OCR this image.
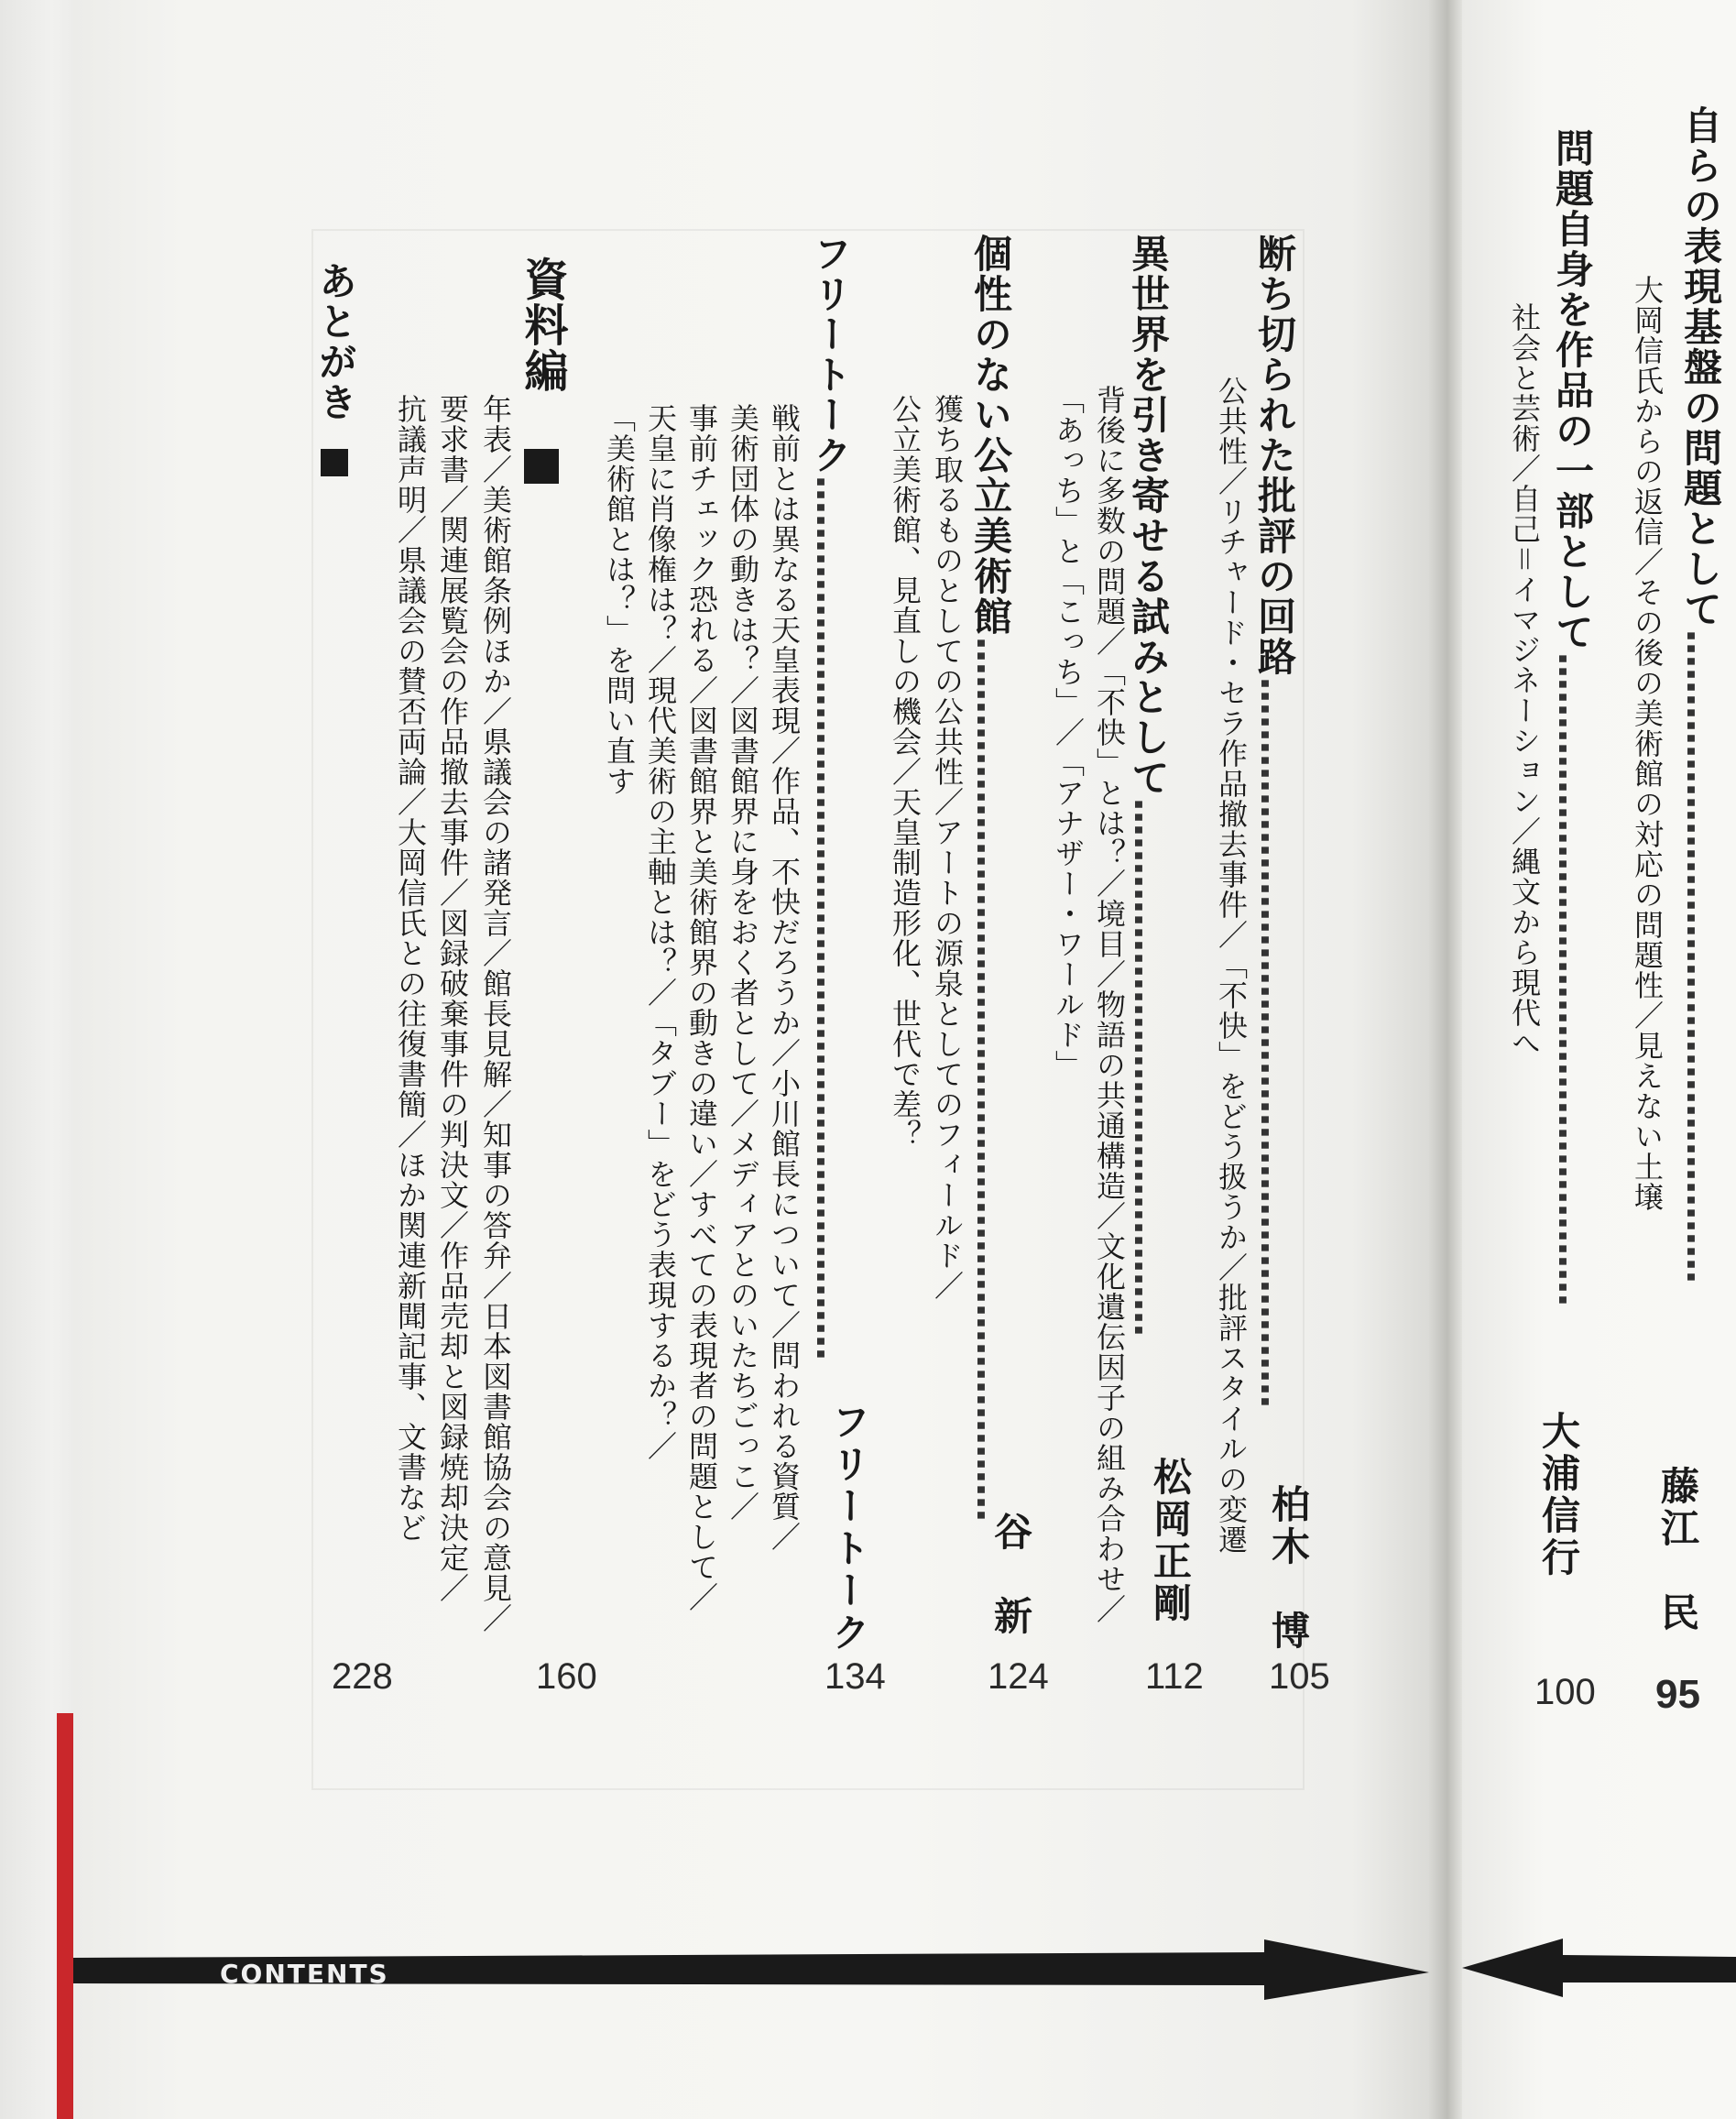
自らの表現基盤の問題として……………………………………………
藤江　民
95
大岡信氏からの返信／その後の美術館の対応の問題性／見えない土壌
問題自身を作品の一部として……………………………………………
大浦信行
100
社会と芸術／自己＝イマジネーション／縄文から現代へ
断ち切られた批評の回路…………………………………………………
柏木　博
105
公共性／リチャード・セラ作品撤去事件／「不快」をどう扱うか／批評スタイルの変遷
異世界を引き寄せる試みとして……………………………………
松岡正剛
112
背後に多数の問題／「不快」とは？／境目／物語の共通構造／文化遺伝因子の組み合わせ／
「あっち」と「こっち」／「アナザー・ワールド」
個性のない公立美術館……………………………………………………………
谷　新
124
獲ち取るものとしての公共性／アートの源泉としてのフィールド／
公立美術館、見直しの機会／天皇制造形化、世代で差？
フリートーク……………………………………………………………
フリートーク
134
戦前とは異なる天皇表現／作品、不快だろうか／小川館長について／問われる資質／
美術団体の動きは？／図書館界に身をおく者として／メディアとのいたちごっこ／
事前チェック恐れる／図書館界と美術館界の動きの違い／すべての表現者の問題として／
天皇に肖像権は？／現代美術の主軸とは？／「タブー」をどう表現するか？／
「美術館とは？」を問い直す
資料編
160
年表／美術館条例ほか／県議会の諸発言／館長見解／知事の答弁／日本図書館協会の意見／
要求書／関連展覧会の作品撤去事件／図録破棄事件の判決文／作品売却と図録焼却決定／
抗議声明／県議会の賛否両論／大岡信氏との往復書簡／ほか関連新聞記事、文書など
あとがき
228
CONTENTS
